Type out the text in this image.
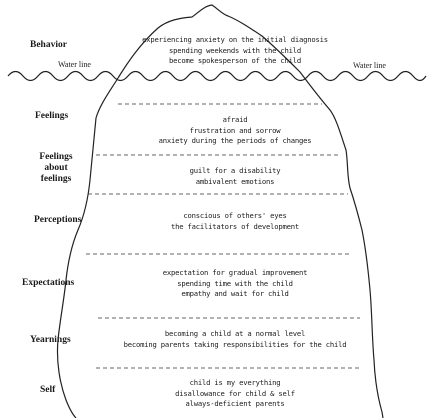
Water line	Water line
Behavior
Feelings
Feelings
about
feelings
Perceptions
Expectations
Yearnings
Self
experiencing anxiety on the initial diagnosis
spending weekends with the child
become spokesperson of the child
afraid
frustration and sorrow
anxiety during the periods of changes
guilt for a disability
ambivalent emotions
conscious of others' eyes
the facilitators of development
expectation for gradual improvement
spending time with the child
empathy and wait for child
becoming a child at a normal level
becoming parents taking responsibilities for the child
child is my everything
disallowance for child & self
always-deficient parents
